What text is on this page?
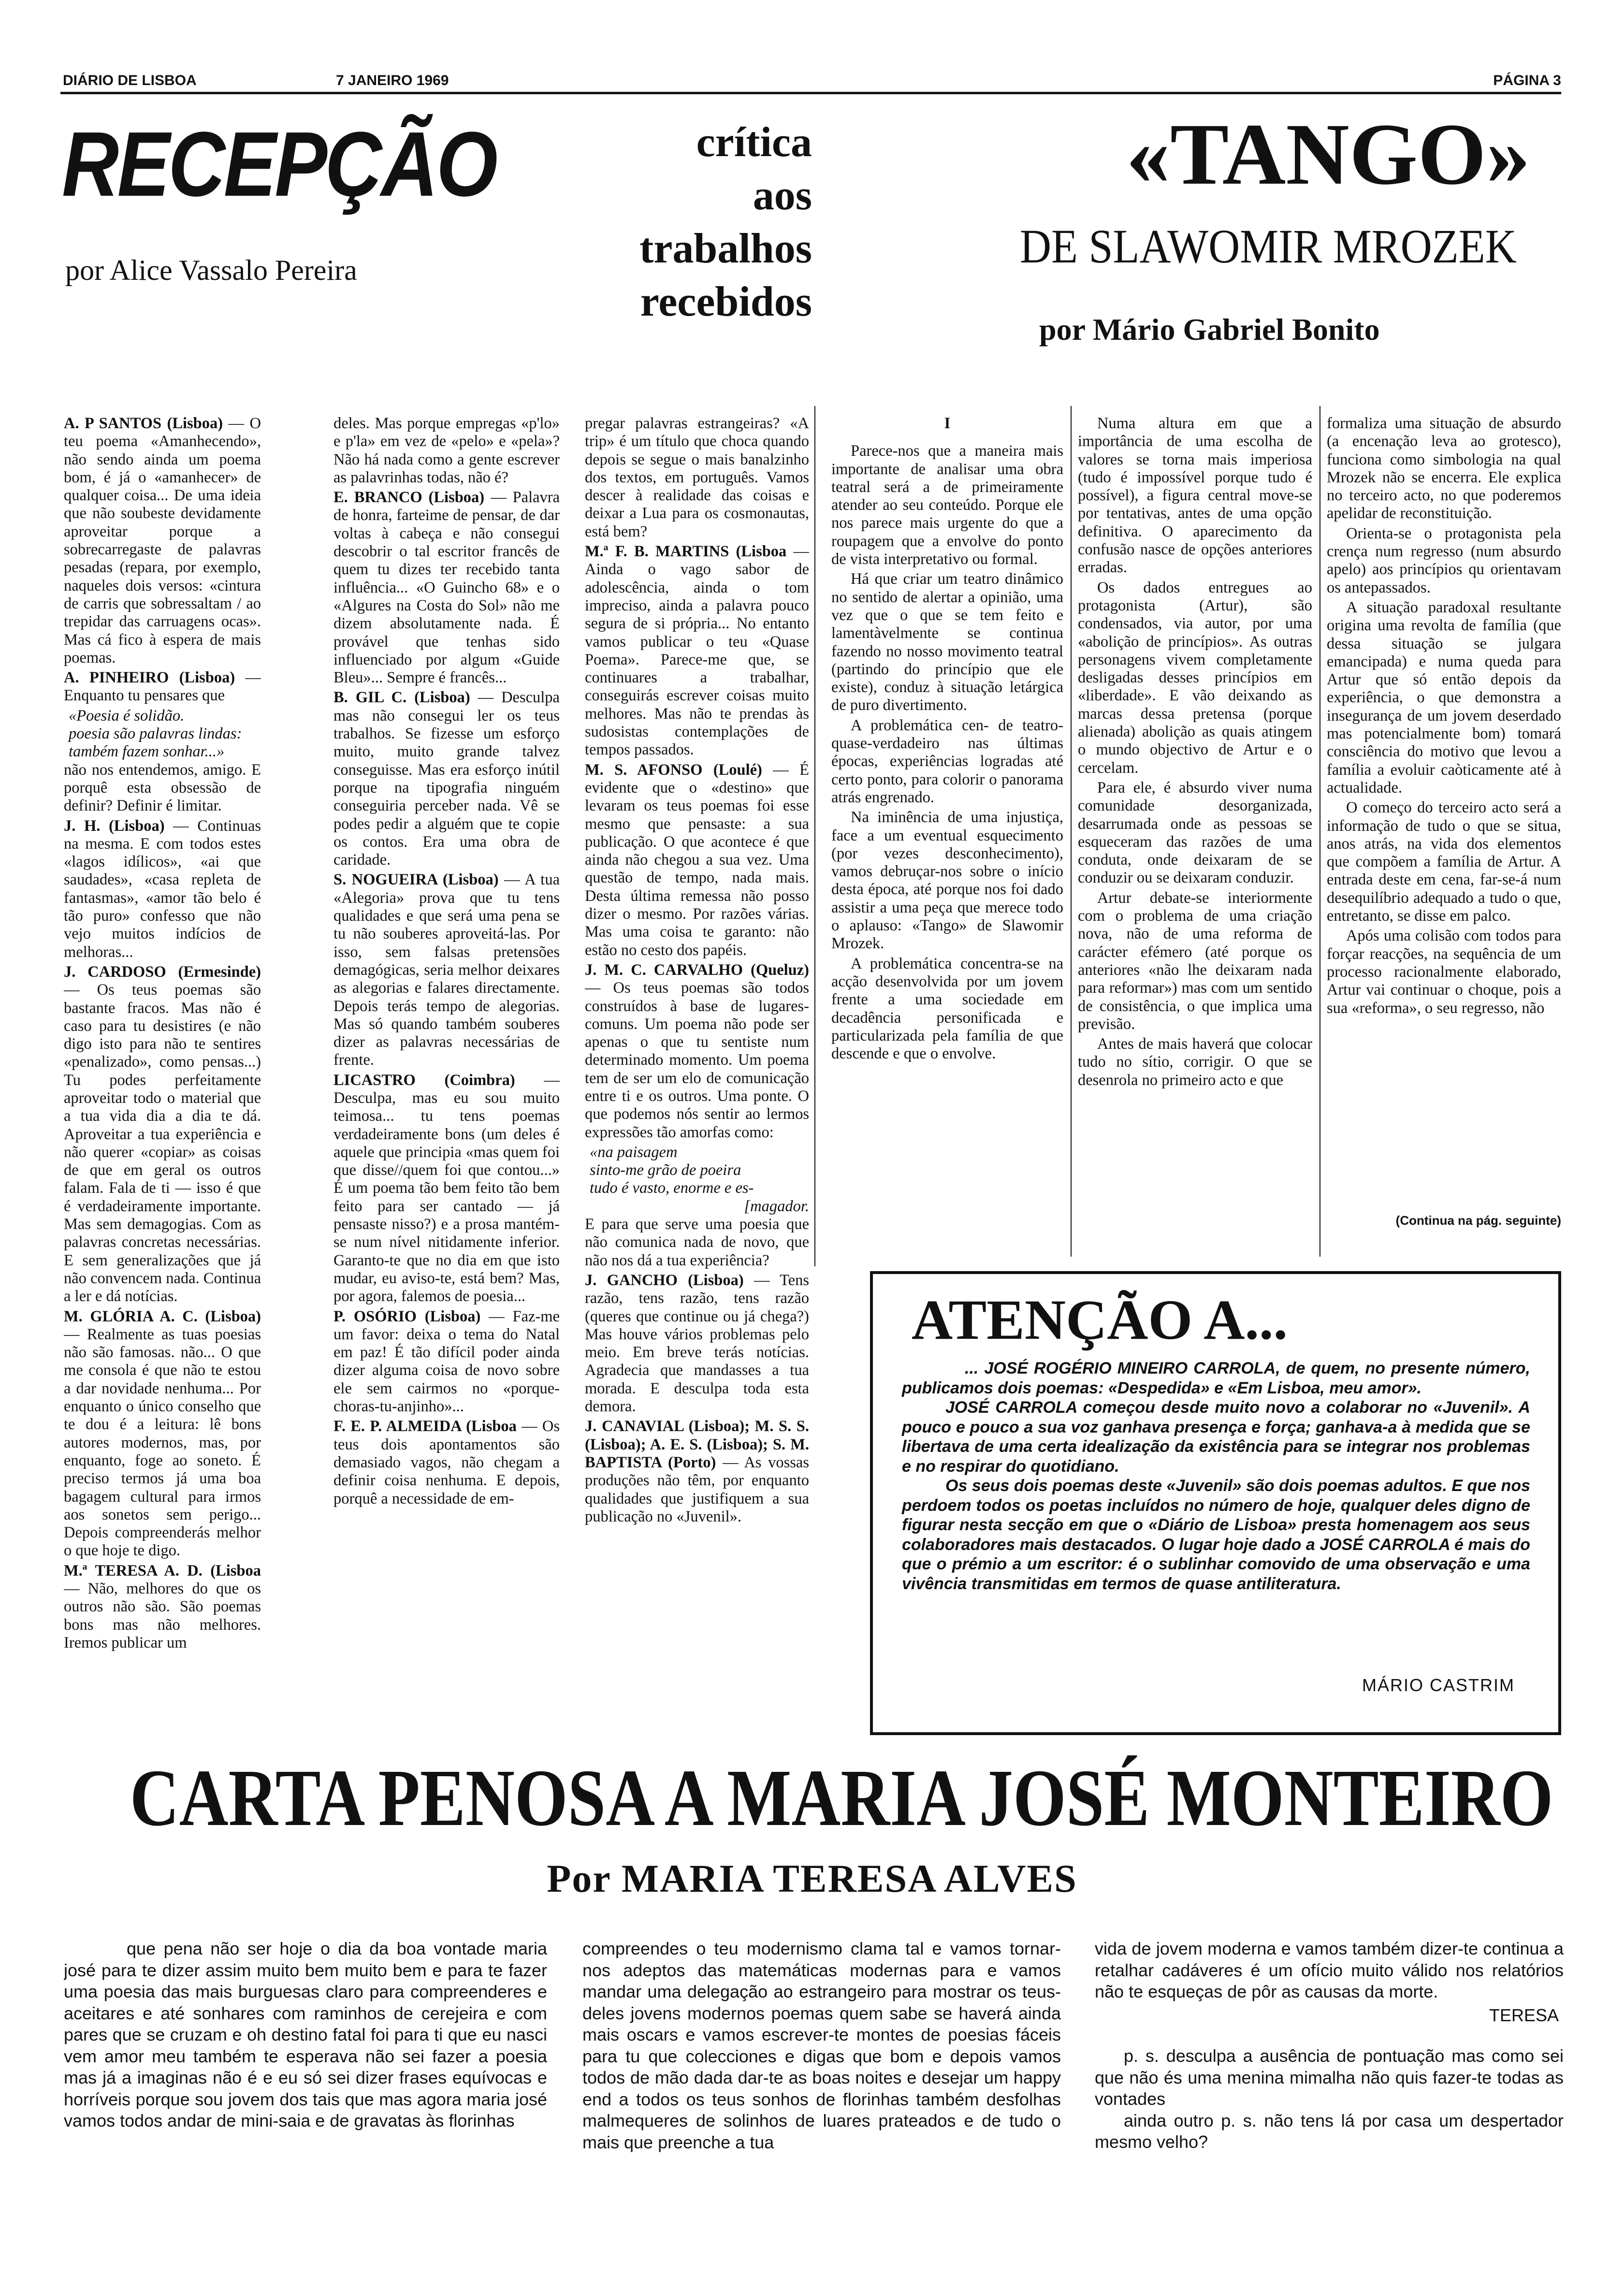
DIÁRIO DE LISBOA	7 JANEIRO 1969	PÁGINA 3
RECEPÇÃO
por Alice Vassalo Pereira
crítica
aos
trabalhos
recebidos
«TANGO»
DE SLAWOMIR MROZEK
por Mário Gabriel Bonito

A. P SANTOS (Lisboa) — O teu poema «Amanhecendo», não sendo ainda um poema bom, é já o «amanhecer» de qualquer coisa... De uma ideia que não soubeste devidamente aproveitar porque a sobrecarregaste de palavras pesadas (repara, por exemplo, naqueles dois versos: «cintura de carris que sobressaltam / ao trepidar das carruagens ocas». Mas cá fico à espera de mais poemas.

A. PINHEIRO (Lisboa) — Enquanto tu pensares que

«Poesia é solidão.
poesia são palavras lindas:
também fazem sonhar...»

não nos entendemos, amigo. E porquê esta obsessão de definir? Definir é limitar.

J. H. (Lisboa) — Continuas na mesma. E com todos estes «lagos idílicos», «ai que saudades», «casa repleta de fantasmas», «amor tão belo é tão puro» confesso que não vejo muitos indícios de melhoras...

J. CARDOSO (Ermesinde) — Os teus poemas são bastante fracos. Mas não é caso para tu desistires (e não digo isto para não te sentires «penalizado», como pensas...) Tu podes perfeitamente aproveitar todo o material que a tua vida dia a dia te dá. Aproveitar a tua experiência e não querer «copiar» as coisas de que em geral os outros falam. Fala de ti — isso é que é verdadeiramente importante. Mas sem demagogias. Com as palavras concretas necessárias. E sem generalizações que já não convencem nada. Continua a ler e dá notícias.

M. GLÓRIA A. C. (Lisboa) — Realmente as tuas poesias não são famosas. não... O que me consola é que não te estou a dar novidade nenhuma... Por enquanto o único conselho que te dou é a leitura: lê bons autores modernos, mas, por enquanto, foge ao soneto. É preciso termos já uma boa bagagem cultural para irmos aos sonetos sem perigo... Depois compreenderás melhor o que hoje te digo.

M.ª TERESA A. D. (Lisboa — Não, melhores do que os outros não são. São poemas bons mas não melhores. Iremos publicar um

deles. Mas porque empregas «p'lo» e p'la» em vez de «pelo» e «pela»? Não há nada como a gente escrever as palavrinhas todas, não é?

E. BRANCO (Lisboa) — Palavra de honra, farteime de pensar, de dar voltas à cabeça e não consegui descobrir o tal escritor francês de quem tu dizes ter recebido tanta influência... «O Guincho 68» e o «Algures na Costa do Sol» não me dizem absolutamente nada. É provável que tenhas sido influenciado por algum «Guide Bleu»... Sempre é francês...

B. GIL C. (Lisboa) — Desculpa mas não consegui ler os teus trabalhos. Se fizesse um esforço muito, muito grande talvez conseguisse. Mas era esforço inútil porque na tipografia ninguém conseguiria perceber nada. Vê se podes pedir a alguém que te copie os contos. Era uma obra de caridade.

S. NOGUEIRA (Lisboa) — A tua «Alegoria» prova que tu tens qualidades e que será uma pena se tu não souberes aproveitá-las. Por isso, sem falsas pretensões demagógicas, seria melhor deixares as alegorias e falares directamente. Depois terás tempo de alegorias. Mas só quando também souberes dizer as palavras necessárias de frente.

LICASTRO (Coimbra) — Desculpa, mas eu sou muito teimosa... tu tens poemas verdadeiramente bons (um deles é aquele que principia «mas quem foi que disse//quem foi que contou...» É um poema tão bem feito tão bem feito para ser cantado — já pensaste nisso?) e a prosa mantém-se num nível nitidamente inferior. Garanto-te que no dia em que isto mudar, eu aviso-te, está bem? Mas, por agora, falemos de poesia...

P. OSÓRIO (Lisboa) — Faz-me um favor: deixa o tema do Natal em paz! É tão difícil poder ainda dizer alguma coisa de novo sobre ele sem cairmos no «porque-choras-tu-anjinho»...

F. E. P. ALMEIDA (Lisboa — Os teus dois apontamentos são demasiado vagos, não chegam a definir coisa nenhuma. E depois, porquê a necessidade de em-

pregar palavras estrangeiras? «A trip» é um título que choca quando depois se segue o mais banalzinho dos textos, em português. Vamos descer à realidade das coisas e deixar a Lua para os cosmonautas, está bem?

M.ª F. B. MARTINS (Lisboa — Ainda o vago sabor de adolescência, ainda o tom impreciso, ainda a palavra pouco segura de si própria... No entanto vamos publicar o teu «Quase Poema». Parece-me que, se continuares a trabalhar, conseguirás escrever coisas muito melhores. Mas não te prendas às sudosistas contemplações de tempos passados.

M. S. AFONSO (Loulé) — É evidente que o «destino» que levaram os teus poemas foi esse mesmo que pensaste: a sua publicação. O que acontece é que ainda não chegou a sua vez. Uma questão de tempo, nada mais. Desta última remessa não posso dizer o mesmo. Por razões várias. Mas uma coisa te garanto: não estão no cesto dos papéis.

J. M. C. CARVALHO (Queluz) — Os teus poemas são todos construídos à base de lugares-comuns. Um poema não pode ser apenas o que tu sentiste num determinado momento. Um poema tem de ser um elo de comunicação entre ti e os outros. Uma ponte. O que podemos nós sentir ao lermos expressões tão amorfas como:

«na paisagem
sinto-me grão de poeira
tudo é vasto, enorme e es-
[magador.

E para que serve uma poesia que não comunica nada de novo, que não nos dá a tua experiência?

J. GANCHO (Lisboa) — Tens razão, tens razão, tens razão (queres que continue ou já chega?) Mas houve vários problemas pelo meio. Em breve terás notícias. Agradecia que mandasses a tua morada. E desculpa toda esta demora.

J. CANAVIAL (Lisboa); M. S. S. (Lisboa); A. E. S. (Lisboa); S. M. BAPTISTA (Porto) — As vossas produções não têm, por enquanto qualidades que justifiquem a sua publicação no «Juvenil».

I

Parece-nos que a maneira mais importante de analisar uma obra teatral será a de primeiramente atender ao seu conteúdo. Porque ele nos parece mais urgente do que a roupagem que a envolve do ponto de vista interpretativo ou formal.

Há que criar um teatro dinâmico no sentido de alertar a opinião, uma vez que o que se tem feito e lamentàvelmente se continua fazendo no nosso movimento teatral (partindo do princípio que ele existe), conduz à situação letárgica de puro divertimento.

A problemática cen- de teatro-quase-verdadeiro nas últimas épocas, experiências logradas até certo ponto, para colorir o panorama atrás engrenado.

Na iminência de uma injustiça, face a um eventual esquecimento (por vezes desconhecimento), vamos debruçar-nos sobre o início desta época, até porque nos foi dado assistir a uma peça que merece todo o aplauso: «Tango» de Slawomir Mrozek.

A problemática concentra-se na acção desenvolvida por um jovem frente a uma sociedade em decadência personificada e particularizada pela família de que descende e que o envolve.

Numa altura em que a importância de uma escolha de valores se torna mais imperiosa (tudo é impossível porque tudo é possível), a figura central move-se por tentativas, antes de uma opção definitiva. O aparecimento da confusão nasce de opções anteriores erradas.

Os dados entregues ao protagonista (Artur), são condensados, via autor, por uma «abolição de princípios». As outras personagens vivem completamente desligadas desses princípios em «liberdade». E vão deixando as marcas dessa pretensa (porque alienada) abolição as quais atingem o mundo objectivo de Artur e o cercelam.

Para ele, é absurdo viver numa comunidade desorganizada, desarrumada onde as pessoas se esqueceram das razões de uma conduta, onde deixaram de se conduzir ou se deixaram conduzir.

Artur debate-se interiormente com o problema de uma criação nova, não de uma reforma de carácter efémero (até porque os anteriores «não lhe deixaram nada para reformar») mas com um sentido de consistência, o que implica uma previsão.

Antes de mais haverá que colocar tudo no sítio, corrigir. O que se desenrola no primeiro acto e que

formaliza uma situação de absurdo (a encenação leva ao grotesco), funciona como simbologia na qual Mrozek não se encerra. Ele explica no terceiro acto, no que poderemos apelidar de reconstituição.

Orienta-se o protagonista pela crença num regresso (num absurdo apelo) aos princípios qu orientavam os antepassados.

A situação paradoxal resultante origina uma revolta de família (que dessa situação se julgara emancipada) e numa queda para Artur que só então depois da experiência, o que demonstra a insegurança de um jovem deserdado mas potencialmente bom) tomará consciência do motivo que levou a família a evoluir caòticamente até à actualidade.

O começo do terceiro acto será a informação de tudo o que se situa, anos atrás, na vida dos elementos que compõem a família de Artur. A entrada deste em cena, far-se-á num desequilíbrio adequado a tudo o que, entretanto, se disse em palco.

Após uma colisão com todos para forçar reacções, na sequência de um processo racionalmente elaborado, Artur vai continuar o choque, pois a sua «reforma», o seu regresso, não

(Continua na pág. seguinte)
ATENÇÃO A...

... JOSÉ ROGÉRIO MINEIRO CARROLA, de quem, no presente número, publicamos dois poemas: «Despedida» e «Em Lisboa, meu amor».

JOSÉ CARROLA começou desde muito novo a colaborar no «Juvenil». A pouco e pouco a sua voz ganhava presença e força; ganhava-a à medida que se libertava de uma certa idealização da existência para se integrar nos problemas e no respirar do quotidiano.

Os seus dois poemas deste «Juvenil» são dois poemas adultos. E que nos perdoem todos os poetas incluídos no número de hoje, qualquer deles digno de figurar nesta secção em que o «Diário de Lisboa» presta homenagem aos seus colaboradores mais destacados. O lugar hoje dado a JOSÉ CARROLA é mais do que o prémio a um escritor: é o sublinhar comovido de uma observação e uma vivência transmitidas em termos de quase antiliteratura.

MÁRIO CASTRIM
CARTA PENOSA A MARIA JOSÉ MONTEIRO
Por MARIA TERESA ALVES
que pena não ser hoje o dia da boa vontade maria josé para te dizer assim muito bem muito bem e para te fazer uma poesia das mais burguesas claro para compreenderes e aceitares e até sonhares com raminhos de cerejeira e com pares que se cruzam e oh destino fatal foi para ti que eu nasci vem amor meu também te esperava não sei fazer a poesia mas já a imaginas não é e eu só sei dizer frases equívocas e horríveis porque sou jovem dos tais que mas agora maria josé vamos todos andar de mini-saia e de gravatas às florinhas
compreendes o teu modernismo clama tal e vamos tornar-nos adeptos das matemáticas modernas para e vamos mandar uma delegação ao estrangeiro para mostrar os teus-deles jovens modernos poemas quem sabe se haverá ainda mais oscars e vamos escrever-te montes de poesias fáceis para tu que colecciones e digas que bom e depois vamos todos de mão dada dar-te as boas noites e desejar um happy end a todos os teus sonhos de florinhas também desfolhas malmequeres de solinhos de luares prateados e de tudo o mais que preenche a tua

vida de jovem moderna e vamos também dizer-te continua a retalhar cadáveres é um ofício muito válido nos relatórios não te esqueças de pôr as causas da morte.

TERESA

p. s. desculpa a ausência de pontuação mas como sei que não és uma menina mimalha não quis fazer-te todas as vontades

ainda outro p. s. não tens lá por casa um despertador mesmo velho?
